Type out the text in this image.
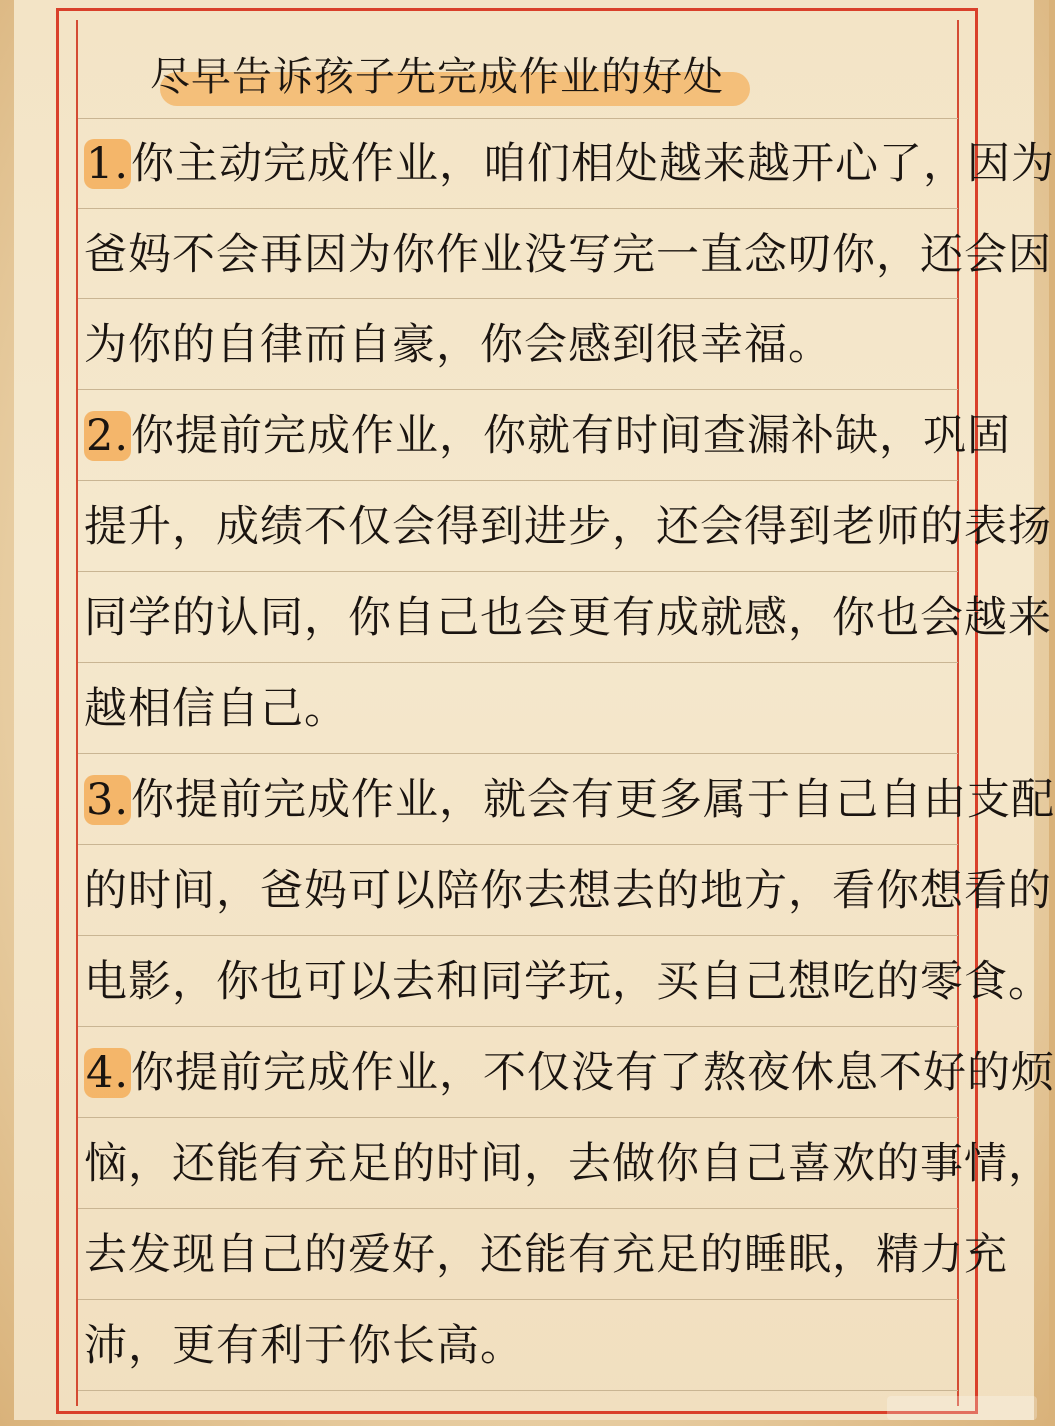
尽早告诉孩子先完成作业的好处
1.你主动完成作业，咱们相处越来越开心了，因为
爸妈不会再因为你作业没写完一直念叨你，还会因
为你的自律而自豪，你会感到很幸福。
2.你提前完成作业，你就有时间查漏补缺，巩固
提升，成绩不仅会得到进步，还会得到老师的表扬
同学的认同，你自己也会更有成就感，你也会越来
越相信自己。
3.你提前完成作业，就会有更多属于自己自由支配
的时间，爸妈可以陪你去想去的地方，看你想看的
电影，你也可以去和同学玩，买自己想吃的零食。
4.你提前完成作业，不仅没有了熬夜休息不好的烦
恼，还能有充足的时间，去做你自己喜欢的事情，
去发现自己的爱好，还能有充足的睡眠，精力充
沛，更有利于你长高。
